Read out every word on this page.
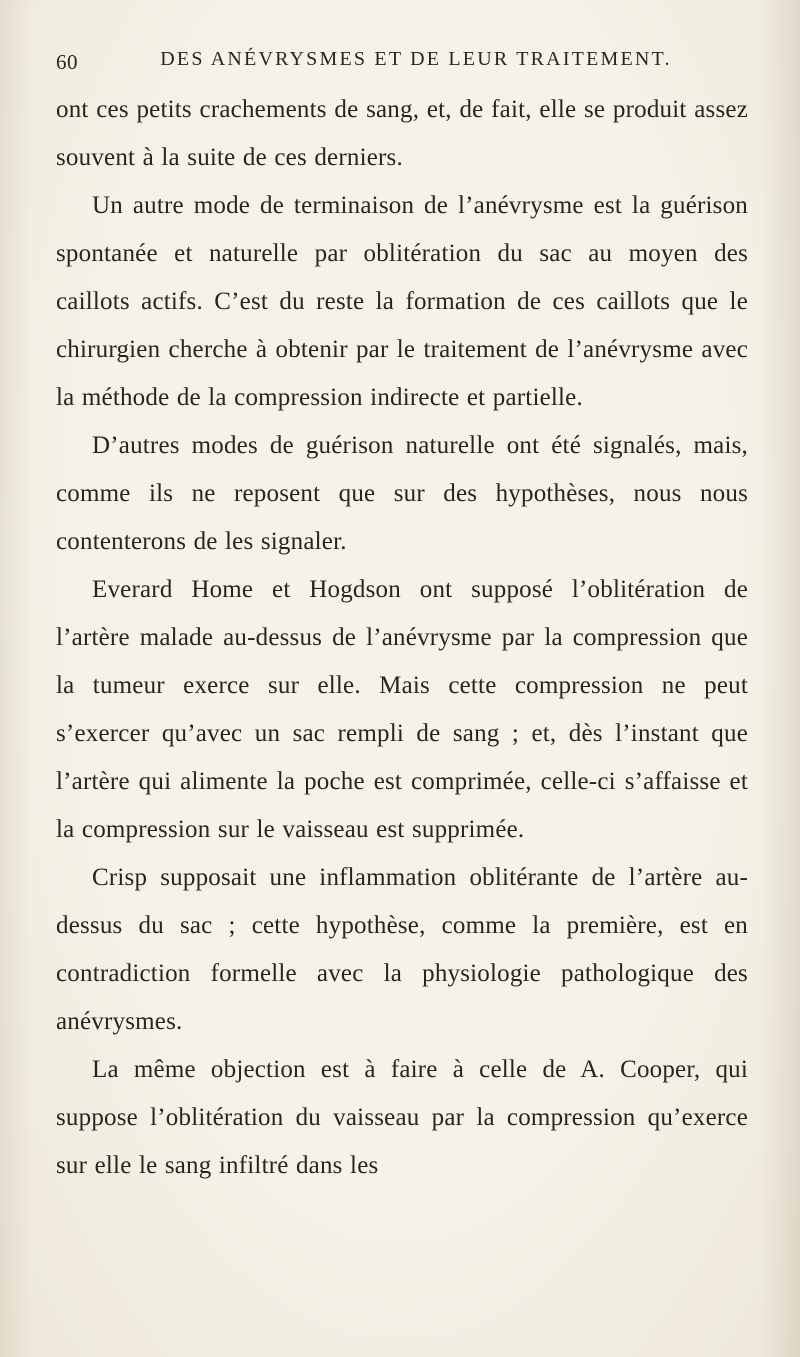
60	DES ANÉVRYSMES ET DE LEUR TRAITEMENT.

ont ces petits crachements de sang, et, de fait, elle se produit assez souvent à la suite de ces derniers.

Un autre mode de terminaison de l’anévrysme est la guérison spontanée et naturelle par oblitération du sac au moyen des caillots actifs. C’est du reste la formation de ces caillots que le chirurgien cherche à obtenir par le traitement de l’anévrysme avec la méthode de la compression indirecte et partielle.

D’autres modes de guérison naturelle ont été signalés, mais, comme ils ne reposent que sur des hypothèses, nous nous contenterons de les signaler.

Everard Home et Hogdson ont supposé l’oblitération de l’artère malade au-dessus de l’anévrysme par la compression que la tumeur exerce sur elle. Mais cette compression ne peut s’exercer qu’avec un sac rempli de sang ; et, dès l’instant que l’artère qui alimente la poche est comprimée, celle-ci s’affaisse et la compression sur le vaisseau est supprimée.

Crisp supposait une inflammation oblitérante de l’artère au-dessus du sac ; cette hypothèse, comme la première, est en contradiction formelle avec la physiologie pathologique des anévrysmes.

La même objection est à faire à celle de A. Cooper, qui suppose l’oblitération du vaisseau par la compression qu’exerce sur elle le sang infiltré dans les
